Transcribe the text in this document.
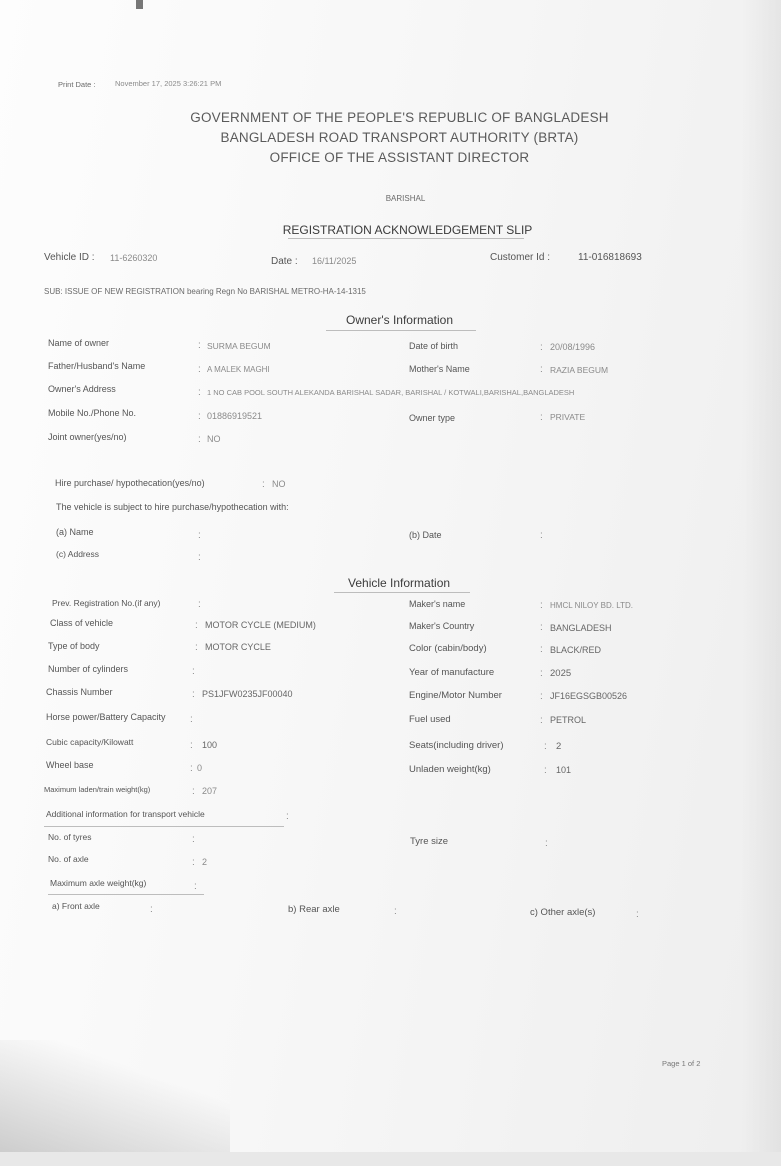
Print Date :	November 17, 2025 3:26:21 PM
GOVERNMENT OF THE PEOPLE'S REPUBLIC OF BANGLADESH
BANGLADESH ROAD TRANSPORT AUTHORITY (BRTA)
OFFICE OF THE ASSISTANT DIRECTOR
BARISHAL
REGISTRATION ACKNOWLEDGEMENT SLIP
Vehicle ID : 11-6260320	Date : 16/11/2025	Customer Id :	11-016818693
SUB: ISSUE OF NEW REGISTRATION bearing Regn No BARISHAL METRO-HA-14-1315
Owner's Information
Name of owner	: SURMA BEGUM	Date of birth	: 20/08/1996
Father/Husband's Name	: A MALEK MAGHI	Mother's Name	: RAZIA BEGUM
Owner's Address	: 1 NO CAB POOL SOUTH ALEKANDA BARISHAL SADAR, BARISHAL / KOTWALI,BARISHAL,BANGLADESH
Mobile No./Phone No.	: 01886919521	Owner type	: PRIVATE
Joint owner(yes/no)	: NO
Hire purchase/ hypothecation(yes/no)	: NO
The vehicle is subject to hire purchase/hypothecation with:
(a) Name	:	(b) Date	:
(c) Address	:
Vehicle Information
Prev. Registration No.(if any)	:	Maker's name	: HMCL NILOY BD. LTD.
Class of vehicle	: MOTOR CYCLE (MEDIUM)	Maker's Country	: BANGLADESH
Type of body	: MOTOR CYCLE	Color (cabin/body)	: BLACK/RED
Number of cylinders	:	Year of manufacture	: 2025
Chassis Number	: PS1JFW0235JF00040	Engine/Motor Number	: JF16EGSGB00526
Horse power/Battery Capacity :	Fuel used	: PETROL
Cubic capacity/Kilowatt	: 100	Seats(including driver)	: 2
Wheel base	: 0	Unladen weight(kg)	: 101
Maximum laden/train weight(kg)	: 207
Additional information for transport vehicle	:
No. of tyres	:	Tyre size	:
No. of axle	: 2
Maximum axle weight(kg)	:
a) Front axle	:	b) Rear axle	:	c) Other axle(s)	:
Page 1 of 2
